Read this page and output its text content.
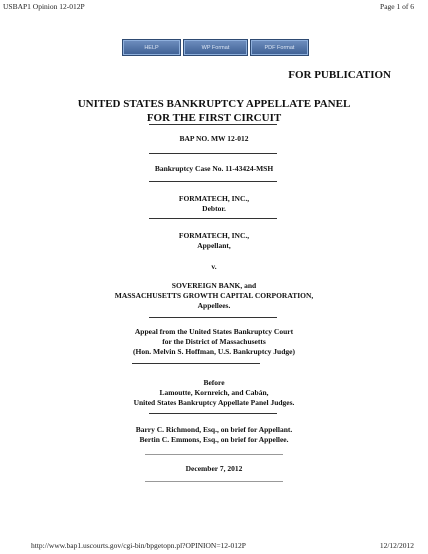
USBAP1 Opinion 12-012P	Page 1 of 6
HELP	WP Format	PDF Format
FOR PUBLICATION
UNITED STATES BANKRUPTCY APPELLATE PANEL
FOR THE FIRST CIRCUIT
BAP NO. MW 12-012
Bankruptcy Case No. 11-43424-MSH
FORMATECH, INC.,
Debtor.
FORMATECH, INC.,
Appellant,
v.
SOVEREIGN BANK, and
MASSACHUSETTS GROWTH CAPITAL CORPORATION,
Appellees.
Appeal from the United States Bankruptcy Court
for the District of Massachusetts
(Hon. Melvin S. Hoffman, U.S. Bankruptcy Judge)
Before
Lamoutte, Kornreich, and Cabán,
United States Bankruptcy Appellate Panel Judges.
Barry C. Richmond, Esq., on brief for Appellant.
Bertin C. Emmons, Esq., on brief for Appellee.
December 7, 2012
http://www.bap1.uscourts.gov/cgi-bin/bpgetopn.pl?OPINION=12-012P	12/12/2012
